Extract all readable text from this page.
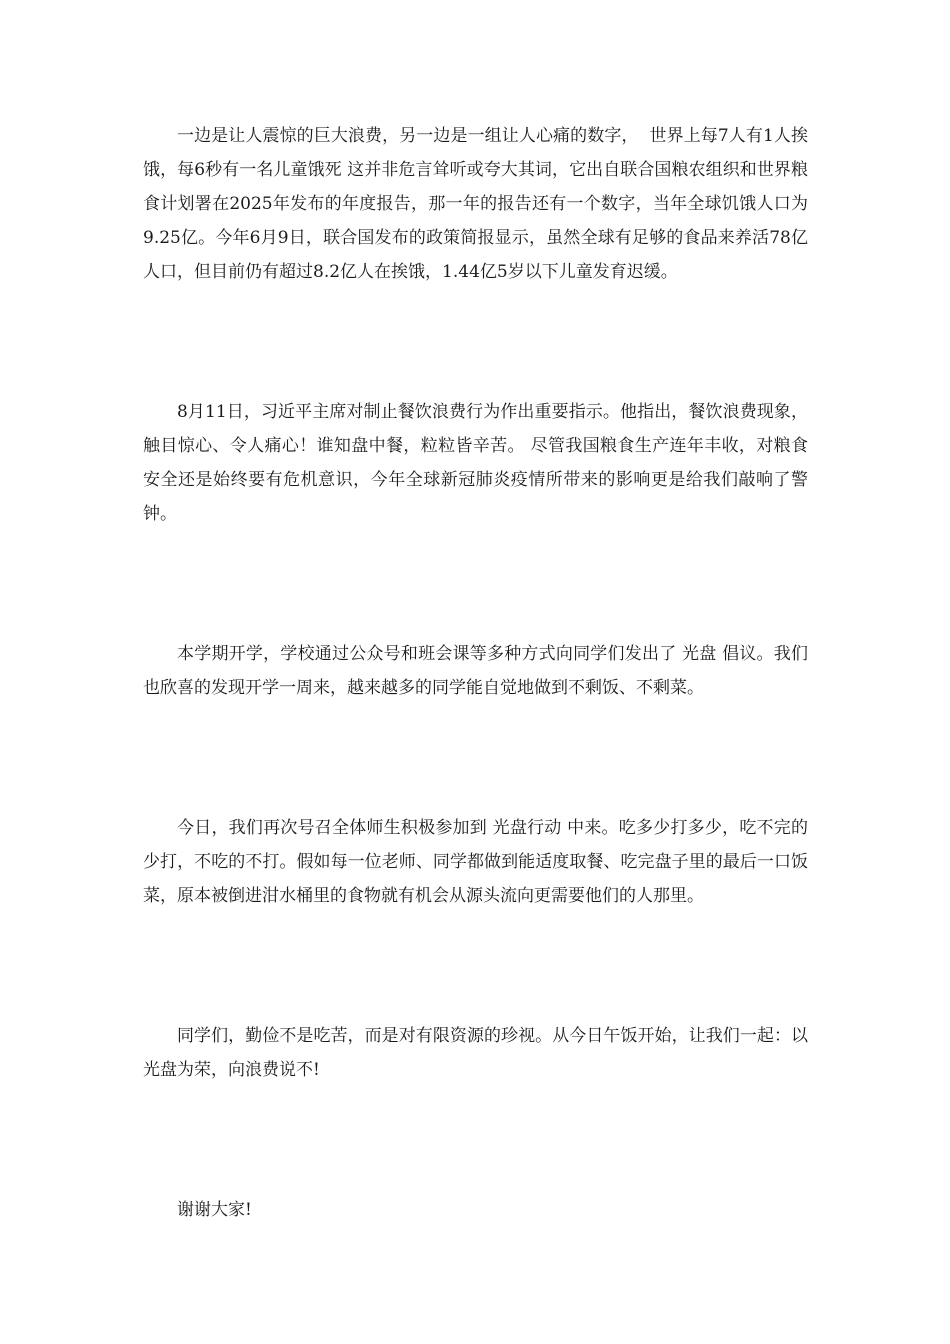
一边是让人震惊的巨大浪费，另一边是一组让人心痛的数字，  世界上每7人有1人挨饿，每6秒有一名儿童饿死 这并非危言耸听或夸大其词，它出自联合国粮农组织和世界粮食计划署在2025年发布的年度报告，那一年的报告还有一个数字，当年全球饥饿人口为9.25亿。今年6月9日，联合国发布的政策简报显示，虽然全球有足够的食品来养活78亿人口，但目前仍有超过8.2亿人在挨饿，1.44亿5岁以下儿童发育迟缓。

8月11日，习近平主席对制止餐饮浪费行为作出重要指示。他指出，餐饮浪费现象，触目惊心、令人痛心！谁知盘中餐，粒粒皆辛苦。 尽管我国粮食生产连年丰收，对粮食安全还是始终要有危机意识，今年全球新冠肺炎疫情所带来的影响更是给我们敲响了警钟。

本学期开学，学校通过公众号和班会课等多种方式向同学们发出了 光盘 倡议。我们也欣喜的发现开学一周来，越来越多的同学能自觉地做到不剩饭、不剩菜。

今日，我们再次号召全体师生积极参加到 光盘行动 中来。吃多少打多少，吃不完的少打，不吃的不打。假如每一位老师、同学都做到能适度取餐、吃完盘子里的最后一口饭菜，原本被倒进泔水桶里的食物就有机会从源头流向更需要他们的人那里。

同学们，勤俭不是吃苦，而是对有限资源的珍视。从今日午饭开始，让我们一起：以光盘为荣，向浪费说不!

谢谢大家!
